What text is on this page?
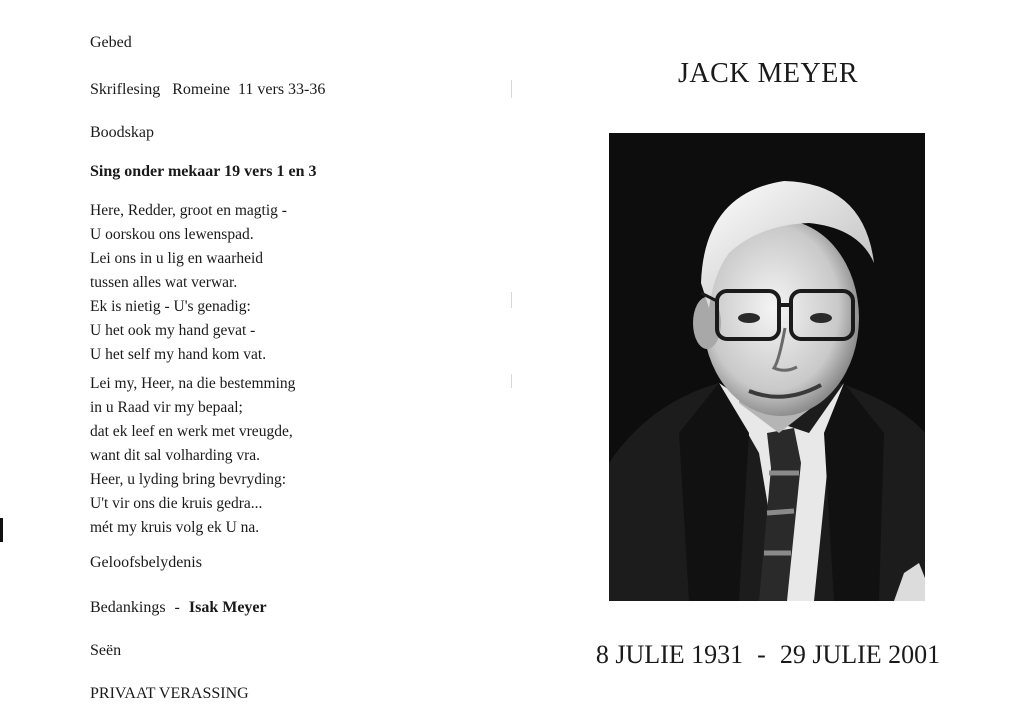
Gebed
Skriflesing   Romeine  11 vers 33-36
Boodskap
Sing onder mekaar 19 vers 1 en 3
Here, Redder, groot en magtig -
U oorskou ons lewenspad.
Lei ons in u lig en waarheid
tussen alles wat verwar.
Ek is nietig - U's genadig:
U het ook my hand gevat -
U het self my hand kom vat.
Lei my, Heer, na die bestemming
in u Raad vir my bepaal;
dat ek leef en werk met vreugde,
want dit sal volharding vra.
Heer, u lyding bring bevryding:
U't vir ons die kruis gedra...
mét my kruis volg ek U na.
Geloofsbelydenis
Bedankings - Isak Meyer
Seën
PRIVAAT VERASSING
JACK MEYER
8 JULIE 1931 - 29 JULIE 2001
